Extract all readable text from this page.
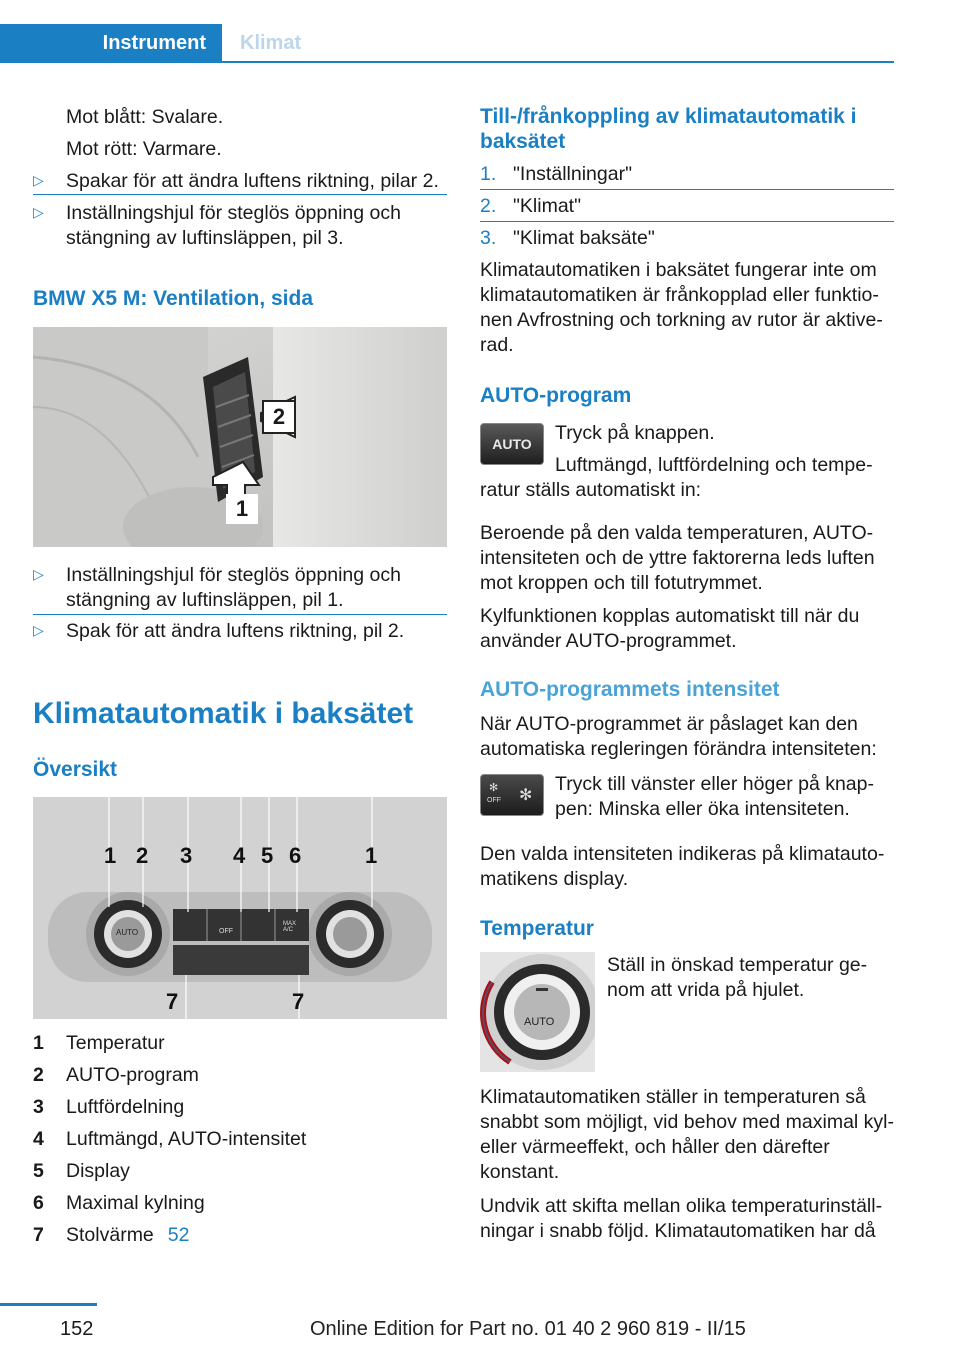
Instrument	Klimat
Mot blått: Svalare.
Mot rött: Varmare.
▷ Spakar för att ändra luftens riktning, pilar 2.
▷ Inställningshjul för steglös öppning och stängning av luftinsläppen, pil 3.
BMW X5 M: Ventilation, sida
2
1
▷ Inställningshjul för steglös öppning och stängning av luftinsläppen, pil 1.
▷ Spak för att ändra luftens riktning, pil 2.
Klimatautomatik i baksätet
Översikt
1 2 3 4 5 6	1
7	7
AUTO	OFF
MAX A/C
1 Temperatur
2 AUTO-program
3 Luftfördelning
4 Luftmängd, AUTO-intensitet
5 Display
6 Maximal kylning
7 Stolvärme 52
Till-/frånkoppling av klimatautomatik i baksätet
1. "Inställningar"
2. "Klimat"
3. "Klimat baksäte"
Klimatautomatiken i baksätet fungerar inte om klimatautomatiken är frånkopplad eller funktionen Avfrostning och torkning av rutor är aktiverad.
AUTO-program
AUTO Tryck på knappen.
Luftmängd, luftfördelning och temperatur ställs automatiskt in:
Beroende på den valda temperaturen, AUTO-intensiteten och de yttre faktorerna leds luften mot kroppen och till fotutrymmet.
Kylfunktionen kopplas automatiskt till när du använder AUTO-programmet.
AUTO-programmets intensitet
När AUTO-programmet är påslaget kan den automatiska regleringen förändra intensiteten:
OFF
✻ ✻
Tryck till vänster eller höger på knappen: Minska eller öka intensiteten.
Den valda intensiteten indikeras på klimatautomatikens display.
Temperatur
AUTO
Ställ in önskad temperatur genom att vrida på hjulet.
Klimatautomatiken ställer in temperaturen så snabbt som möjligt, vid behov med maximal kyl- eller värmeeffekt, och håller den därefter konstant.
Undvik att skifta mellan olika temperaturinställningar i snabb följd. Klimatautomatiken har då
152	Online Edition for Part no. 01 40 2 960 819 - II/15
